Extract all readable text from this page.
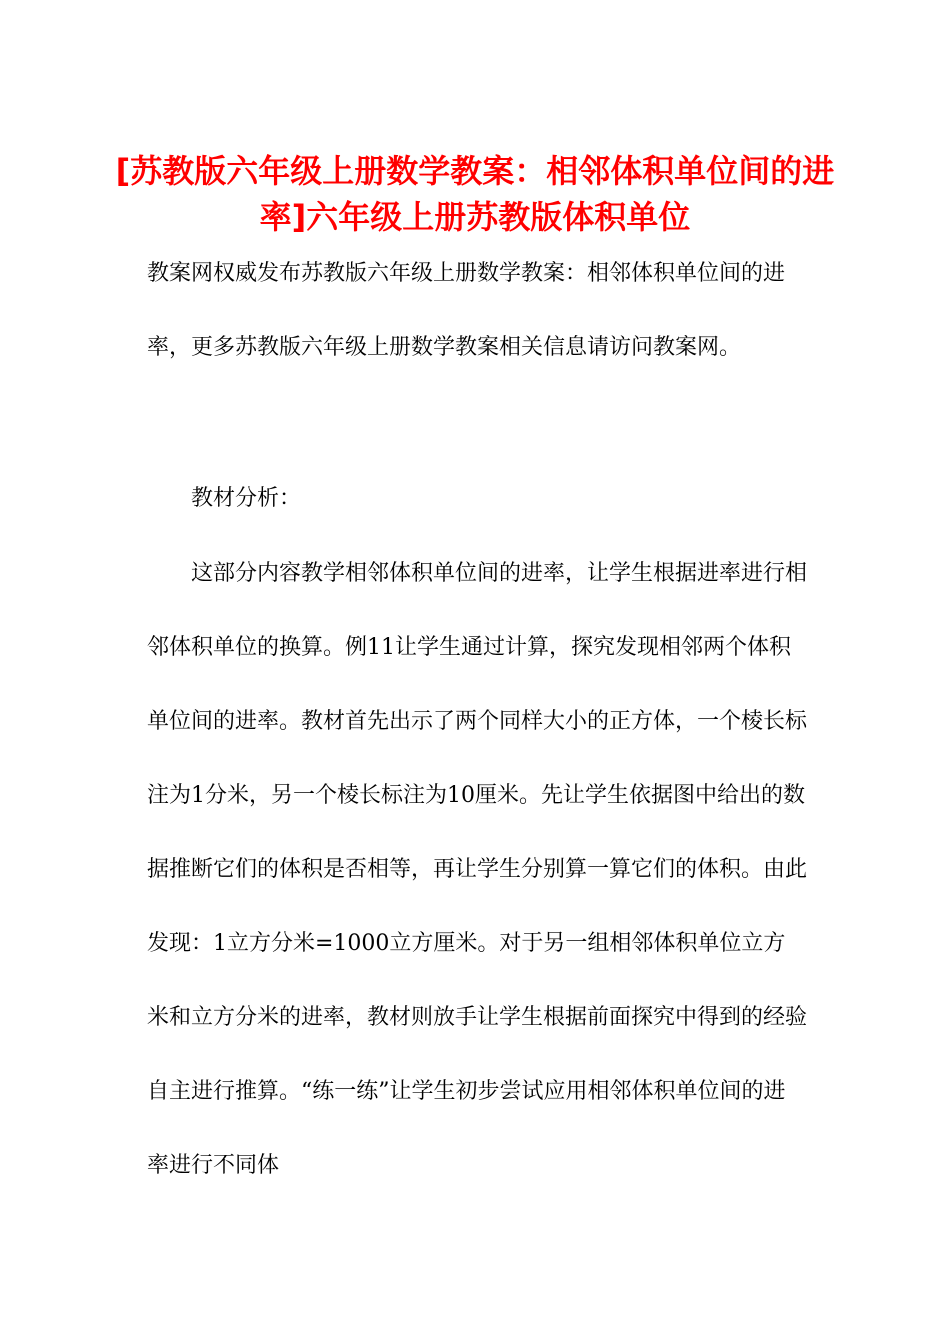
[苏教版六年级上册数学教案：相邻体积单位间的进率]六年级上册苏教版体积单位

教案网权威发布苏教版六年级上册数学教案：相邻体积单位间的进率，更多苏教版六年级上册数学教案相关信息请访问教案网。

教材分析：

这部分内容教学相邻体积单位间的进率，让学生根据进率进行相邻体积单位的换算。例11让学生通过计算，探究发现相邻两个体积单位间的进率。教材首先出示了两个同样大小的正方体，一个棱长标注为1分米，另一个棱长标注为10厘米。先让学生依据图中给出的数据推断它们的体积是否相等，再让学生分别算一算它们的体积。由此发现：1立方分米=1000立方厘米。对于另一组相邻体积单位立方米和立方分米的进率，教材则放手让学生根据前面探究中得到的经验自主进行推算。“练一练”让学生初步尝试应用相邻体积单位间的进率进行不同体
